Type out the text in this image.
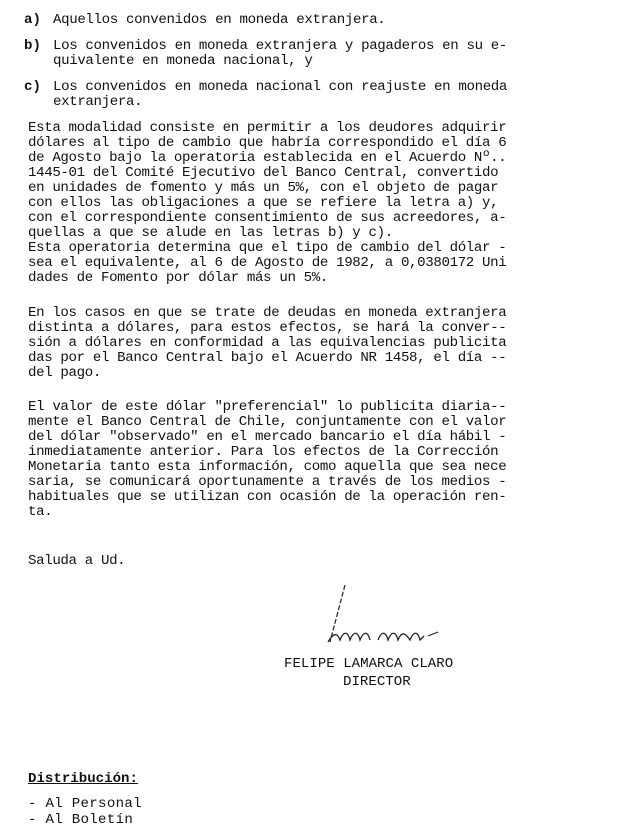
a) Aquellos convenidos en moneda extranjera.
b) Los convenidos en moneda extranjera y pagaderos en su e-
quivalente en moneda nacional, y
c) Los convenidos en moneda nacional con reajuste en moneda
extranjera.
Esta modalidad consiste en permitir a los deudores adquirir
dólares al tipo de cambio que habría correspondido el día 6
de Agosto bajo la operatoria establecida en el Acuerdo Nº..
1445-01 del Comité Ejecutivo del Banco Central, convertido
en unidades de fomento y más un 5%, con el objeto de pagar
con ellos las obligaciones a que se refiere la letra a) y,
con el correspondiente consentimiento de sus acreedores, a-
quellas a que se alude en las letras b) y c).
Esta operatoria determina que el tipo de cambio del dólar -
sea el equivalente, al 6 de Agosto de 1982, a 0,0380172 Uni
dades de Fomento por dólar más un 5%.
En los casos en que se trate de deudas en moneda extranjera
distinta a dólares, para estos efectos, se hará la conver--
sión a dólares en conformidad a las equivalencias publicita
das por el Banco Central bajo el Acuerdo NR 1458, el día --
del pago.
El valor de este dólar "preferencial" lo publicita diaria--
mente el Banco Central de Chile, conjuntamente con el valor
del dólar "observado" en el mercado bancario el día hábil -
inmediatamente anterior. Para los efectos de la Corrección
Monetaria tanto esta información, como aquella que sea nece
saria, se comunicará oportunamente a través de los medios -
habituales que se utilizan con ocasión de la operación ren-
ta.
Saluda a Ud.
FELIPE LAMARCA CLARO
DIRECTOR
Distribución:
- Al Personal
- Al Boletín
